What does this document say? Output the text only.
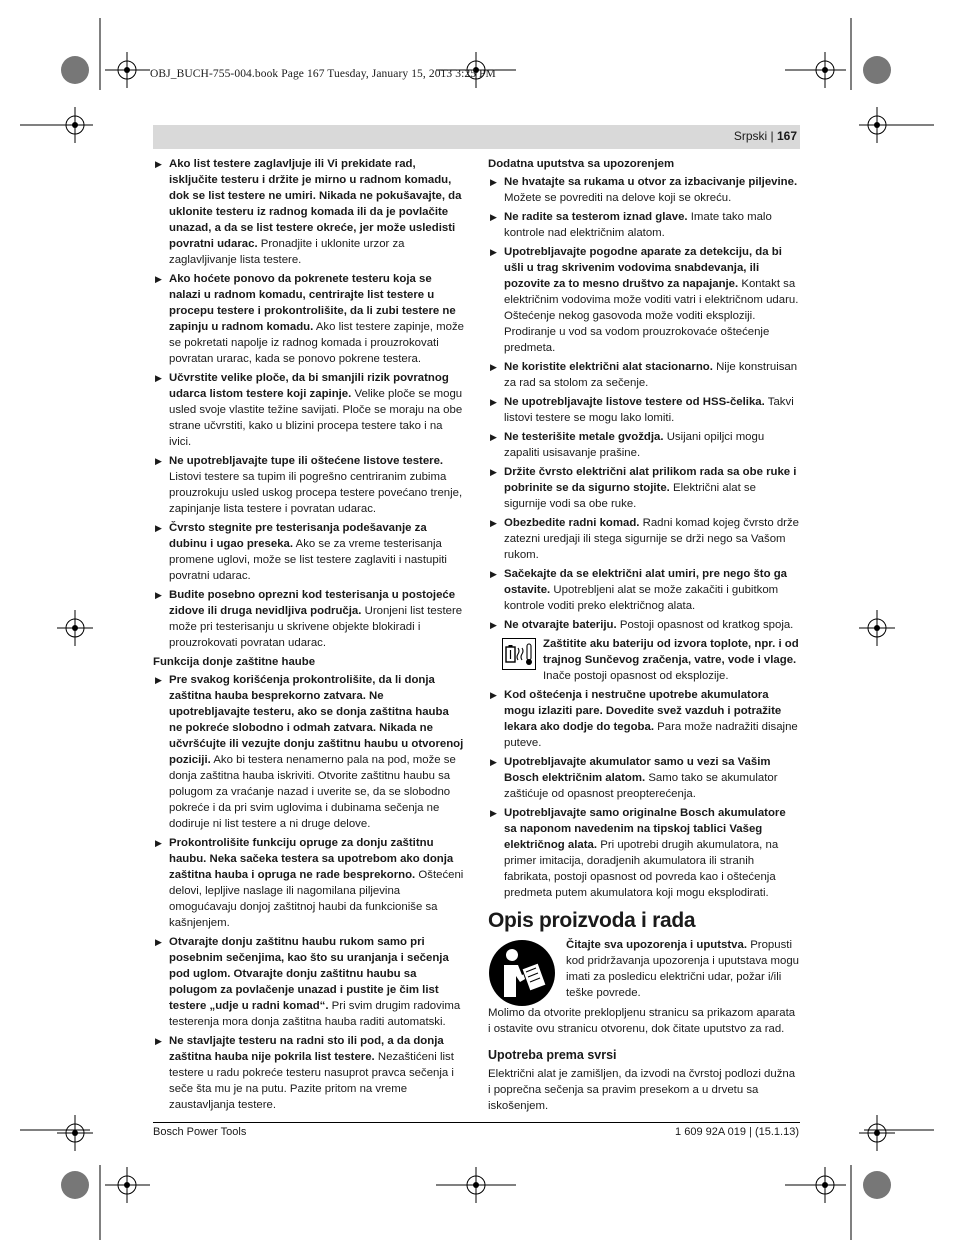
OBJ_BUCH-755-004.book Page 167 Tuesday, January 15, 2013 3:25 PM
Srpski | 167
▶ Ako list testere zaglavljuje ili Vi prekidate rad, isključite testeru i držite je mirno u radnom komadu, dok se list testere ne umiri. Nikada ne pokušavajte, da uklonite testeru iz radnog komada ili da je povlačite unazad, a da se list testere okreće, jer može usledisti povratni udarac. Pronadjite i uklonite urzor za zaglavljivanje lista testere.
▶ Ako hoćete ponovo da pokrenete testeru koja se nalazi u radnom komadu, centrirajte list testere u procepu testere i prokontrolišite, da li zubi testere ne zapinju u radnom komadu. Ako list testere zapinje, može se pokretati napolje iz radnog komada i prouzrokovati povratan urarac, kada se ponovo pokrene testera.
▶ Učvrstite velike ploče, da bi smanjili rizik povratnog udarca listom testere koji zapinje. Velike ploče se mogu usled svoje vlastite težine savijati. Ploče se moraju na obe strane učvrstiti, kako u blizini procepa testere tako i na ivici.
▶ Ne upotrebljavajte tupe ili oštećene listove testere. Listovi testere sa tupim ili pogrešno centriranim zubima prouzrokuju usled uskog procepa testere povećano trenje, zapinjanje lista testere i povratan udarac.
▶ Čvrsto stegnite pre testerisanja podešavanje za dubinu i ugao preseka. Ako se za vreme testerisanja promene uglovi, može se list testere zaglaviti i nastupiti povratni udarac.
▶ Budite posebno oprezni kod testerisanja u postojeće zidove ili druga nevidljiva područja. Uronjeni list testere može pri testerisanju u skrivene objekte blokiradi i prouzrokovati povratan udarac.
Funkcija donje zaštitne haube
▶ Pre svakog korišćenja prokontrolišite, da li donja zaštitna hauba besprekorno zatvara. Ne upotrebljavajte testeru, ako se donja zaštitna hauba ne pokreće slobodno i odmah zatvara. Nikada ne učvršćujte ili vezujte donju zaštitnu haubu u otvorenoj poziciji. Ako bi testera nenamerno pala na pod, može se donja zaštitna hauba iskriviti. Otvorite zaštitnu haubu sa polugom za vraćanje nazad i uverite se, da se slobodno pokreće i da pri svim uglovima i dubinama sečenja ne dodiruje ni list testere a ni druge delove.
▶ Prokontrolišite funkciju opruge za donju zaštitnu haubu. Neka sačeka testera sa upotrebom ako donja zaštitna hauba i opruga ne rade besprekorno. Oštećeni delovi, lepljive naslage ili nagomilana piljevina omogućavaju donjoj zaštitnoj haubi da funkcioniše sa kašnjenjem.
▶ Otvarajte donju zaštitnu haubu rukom samo pri posebnim sečenjima, kao što su uranjanja i sečenja pod uglom. Otvarajte donju zaštitnu haubu sa polugom za povlačenje unazad i pustite je čim list testere „udje u radni komad“. Pri svim drugim radovima testerenja mora donja zaštitna hauba raditi automatski.
▶ Ne stavljajte testeru na radni sto ili pod, a da donja zaštitna hauba nije pokrila list testere. Nezaštićeni list testere u radu pokreće testeru nasuprot pravca sečenja i seče šta mu je na putu. Pazite pritom na vreme zaustavljanja testere.
Dodatna uputstva sa upozorenjem
▶ Ne hvatajte sa rukama u otvor za izbacivanje piljevine. Možete se povrediti na delove koji se okreću.
▶ Ne radite sa testerom iznad glave. Imate tako malo kontrole nad električnim alatom.
▶ Upotrebljavajte pogodne aparate za detekciju, da bi ušli u trag skrivenim vodovima snabdevanja, ili pozovite za to mesno društvo za napajanje. Kontakt sa električnim vodovima može voditi vatri i električnom udaru. Oštećenje nekog gasovoda može voditi eksploziji. Prodiranje u vod sa vodom prouzrokovaće oštećenje predmeta.
▶ Ne koristite električni alat stacionarno. Nije konstruisan za rad sa stolom za sečenje.
▶ Ne upotrebljavajte listove testere od HSS-čelika. Takvi listovi testere se mogu lako lomiti.
▶ Ne testerišite metale gvoždja. Usijani opiljci mogu zapaliti usisavanje prašine.
▶ Držite čvrsto električni alat prilikom rada sa obe ruke i pobrinite se da sigurno stojite. Električni alat se sigurnije vodi sa obe ruke.
▶ Obezbedite radni komad. Radni komad kojeg čvrsto drže zatezni uredjaji ili stega sigurnije se drži nego sa Vašom rukom.
▶ Sačekajte da se električni alat umiri, pre nego što ga ostavite. Upotrebljeni alat se može zakačiti i gubitkom kontrole voditi preko električnog alata.
▶ Ne otvarajte bateriju. Postoji opasnost od kratkog spoja.
Zaštitite aku bateriju od izvora toplote, npr. i od trajnog Sunčevog zračenja, vatre, vode i vlage. Inače postoji opasnost od eksplozije.
▶ Kod oštećenja i nestručne upotrebe akumulatora mogu izlaziti pare. Dovedite svež vazduh i potražite lekara ako dodje do tegoba. Para može nadražiti disajne puteve.
▶ Upotrebljavajte akumulator samo u vezi sa Vašim Bosch električnim alatom. Samo tako se akumulator zaštićuje od opasnost preopterećenja.
▶ Upotrebljavajte samo originalne Bosch akumulatore sa naponom navedenim na tipskoj tablici Vašeg električnog alata. Pri upotrebi drugih akumulatora, na primer imitacija, doradjenih akumulatora ili stranih fabrikata, postoji opasnost od povreda kao i oštećenja predmeta putem akumulatora koji mogu eksplodirati.
Opis proizvoda i rada
Čitajte sva upozorenja i uputstva. Propusti kod pridržavanja upozorenja i uputstava mogu imati za posledicu električni udar, požar i/ili teške povrede.
Molimo da otvorite preklopljenu stranicu sa prikazom aparata i ostavite ovu stranicu otvorenu, dok čitate uputstvo za rad.
Upotreba prema svrsi
Električni alat je zamišljen, da izvodi na čvrstoj podlozi dužna i poprečna sečenja sa pravim presekom a u drvetu sa iskošenjem.
Bosch Power Tools	1 609 92A 019 | (15.1.13)
